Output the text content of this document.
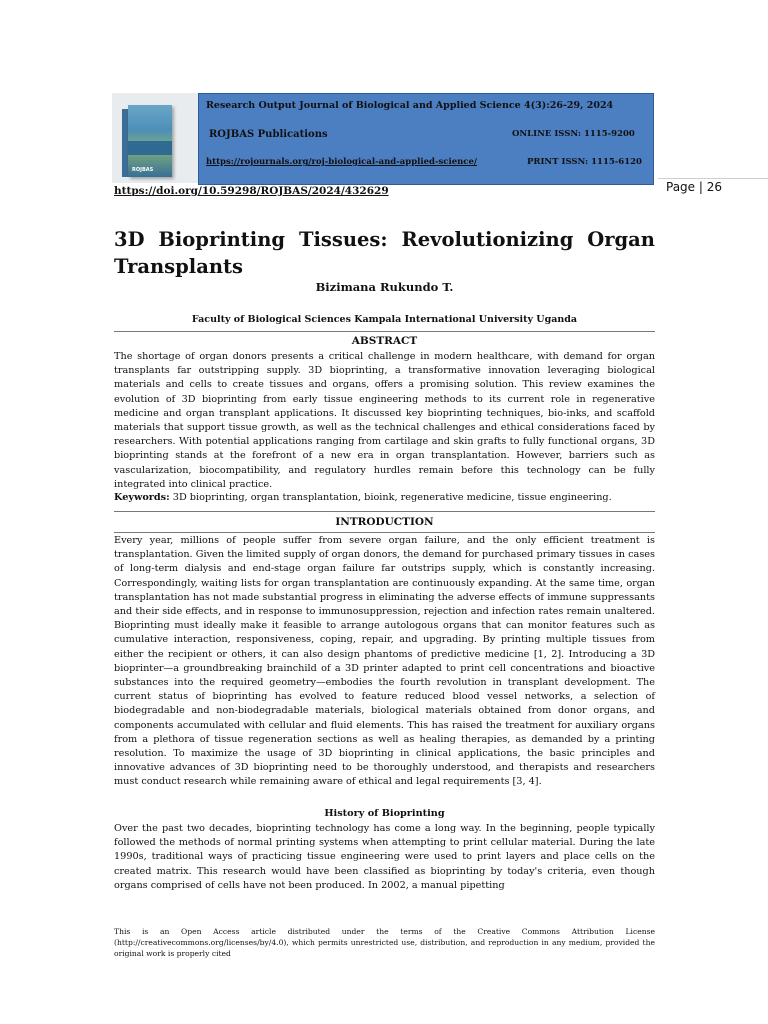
ROJBAS
Research Output Journal of Biological and Applied Science 4(3):26-29, 2024
ROJBAS Publications	ONLINE ISSN: 1115-9200
https://rojournals.org/roj-biological-and-applied-science/	PRINT ISSN: 1115-6120
https://doi.org/10.59298/ROJBAS/2024/432629	Page | 26
3D Bioprinting Tissues: Revolutionizing Organ Transplants
Bizimana Rukundo T.
Faculty of Biological Sciences Kampala International University Uganda
ABSTRACT

The shortage of organ donors presents a critical challenge in modern healthcare, with demand for organ transplants far outstripping supply. 3D bioprinting, a transformative innovation leveraging biological materials and cells to create tissues and organs, offers a promising solution. This review examines the evolution of 3D bioprinting from early tissue engineering methods to its current role in regenerative medicine and organ transplant applications. It discussed key bioprinting techniques, bio-inks, and scaffold materials that support tissue growth, as well as the technical challenges and ethical considerations faced by researchers. With potential applications ranging from cartilage and skin grafts to fully functional organs, 3D bioprinting stands at the forefront of a new era in organ transplantation. However, barriers such as vascularization, biocompatibility, and regulatory hurdles remain before this technology can be fully integrated into clinical practice.

Keywords: 3D bioprinting, organ transplantation, bioink, regenerative medicine, tissue engineering.
INTRODUCTION

Every year, millions of people suffer from severe organ failure, and the only efficient treatment is transplantation. Given the limited supply of organ donors, the demand for purchased primary tissues in cases of long-term dialysis and end-stage organ failure far outstrips supply, which is constantly increasing. Correspondingly, waiting lists for organ transplantation are continuously expanding. At the same time, organ transplantation has not made substantial progress in eliminating the adverse effects of immune suppressants and their side effects, and in response to immunosuppression, rejection and infection rates remain unaltered. Bioprinting must ideally make it feasible to arrange autologous organs that can monitor features such as cumulative interaction, responsiveness, coping, repair, and upgrading. By printing multiple tissues from either the recipient or others, it can also design phantoms of predictive medicine [1, 2]. Introducing a 3D bioprinter—a groundbreaking brainchild of a 3D printer adapted to print cell concentrations and bioactive substances into the required geometry—embodies the fourth revolution in transplant development. The current status of bioprinting has evolved to feature reduced blood vessel networks, a selection of biodegradable and non-biodegradable materials, biological materials obtained from donor organs, and components accumulated with cellular and fluid elements. This has raised the treatment for auxiliary organs from a plethora of tissue regeneration sections as well as healing therapies, as demanded by a printing resolution. To maximize the usage of 3D bioprinting in clinical applications, the basic principles and innovative advances of 3D bioprinting need to be thoroughly understood, and therapists and researchers must conduct research while remaining aware of ethical and legal requirements [3, 4].

History of Bioprinting

Over the past two decades, bioprinting technology has come a long way. In the beginning, people typically followed the methods of normal printing systems when attempting to print cellular material. During the late 1990s, traditional ways of practicing tissue engineering were used to print layers and place cells on the created matrix. This research would have been classified as bioprinting by today's criteria, even though organs comprised of cells have not been produced. In 2002, a manual pipetting

This is an Open Access article distributed under the terms of the Creative Commons Attribution License (http://creativecommons.org/licenses/by/4.0), which permits unrestricted use, distribution, and reproduction in any medium, provided the original work is properly cited
